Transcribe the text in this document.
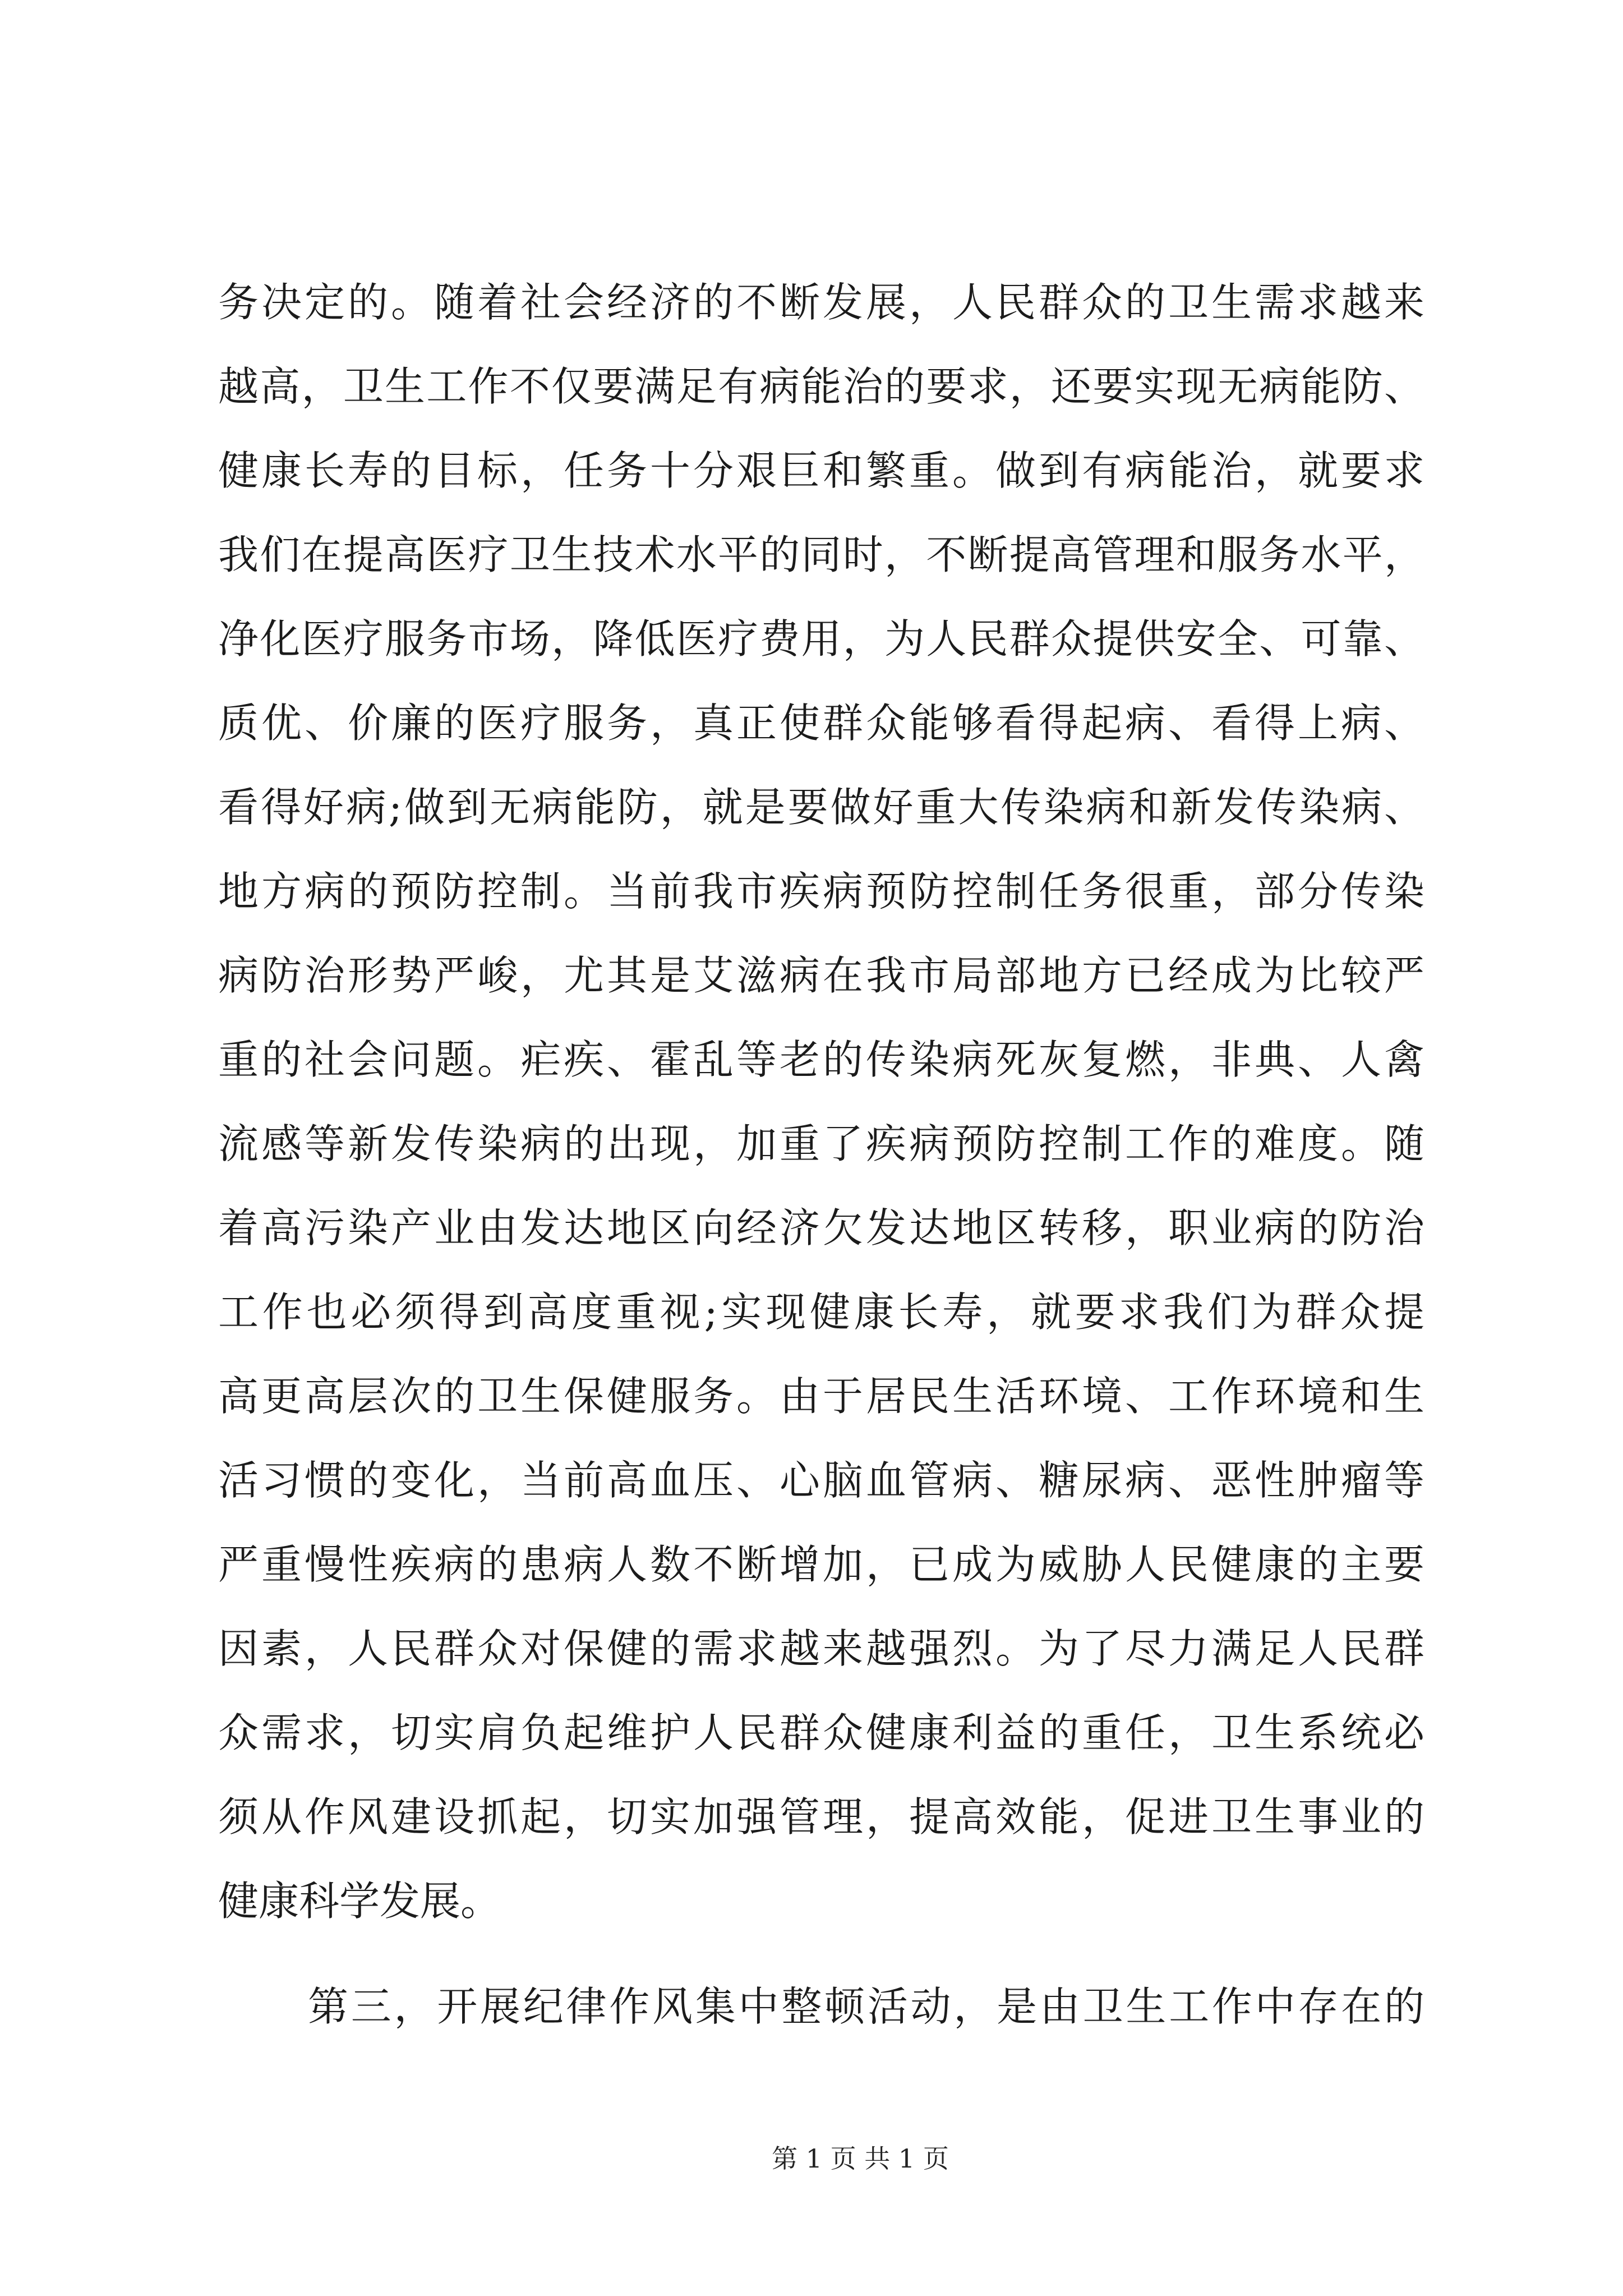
务决定的。随着社会经济的不断发展，人民群众的卫生需求越来
越高，卫生工作不仅要满足有病能治的要求，还要实现无病能防、
健康长寿的目标，任务十分艰巨和繁重。做到有病能治，就要求
我们在提高医疗卫生技术水平的同时，不断提高管理和服务水平，
净化医疗服务市场，降低医疗费用，为人民群众提供安全、可靠、
质优、价廉的医疗服务，真正使群众能够看得起病、看得上病、
看得好病;做到无病能防，就是要做好重大传染病和新发传染病、
地方病的预防控制。当前我市疾病预防控制任务很重，部分传染
病防治形势严峻，尤其是艾滋病在我市局部地方已经成为比较严
重的社会问题。疟疾、霍乱等老的传染病死灰复燃，非典、人禽
流感等新发传染病的出现，加重了疾病预防控制工作的难度。随
着高污染产业由发达地区向经济欠发达地区转移，职业病的防治
工作也必须得到高度重视;实现健康长寿，就要求我们为群众提
高更高层次的卫生保健服务。由于居民生活环境、工作环境和生
活习惯的变化，当前高血压、心脑血管病、糖尿病、恶性肿瘤等
严重慢性疾病的患病人数不断增加，已成为威胁人民健康的主要
因素，人民群众对保健的需求越来越强烈。为了尽力满足人民群
众需求，切实肩负起维护人民群众健康利益的重任，卫生系统必
须从作风建设抓起，切实加强管理，提高效能，促进卫生事业的
健康科学发展。
第三，开展纪律作风集中整顿活动，是由卫生工作中存在的
第 1 页 共 1 页
